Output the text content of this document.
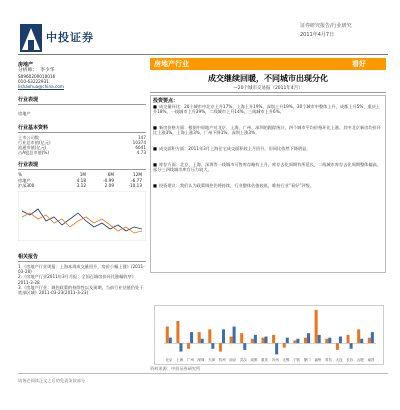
中投证券
证券研究报告/行业研究
2011年4月7日
房地产
分析师： 李少华
S0960200010016
010-63222931
lishaohua@china.com
行业表现
房地产
行业基本资料
上市公司数	147
行业总市值(亿元)	10374
流通市值(亿元)	6641
占A股总市值(%)	4.73
行业表现
%	1M	6M	12M
房地产	4.18	-0.99	-6.77
沪深300	3.12	2.09	-10.13
相关报告
1.《房地产行业周报：上海本周成交量回升，房价小幅上涨》(2011-03-28)
2.《房地产行业2011年3月月报：全国百城房价环比涨幅收窄》2011-3-28
3.《房地产行业：调控政策的持续性以及预期，当前行业估值仍处于底部区域》2011-03-23(2011-3-23)
房地产行业	看好
成交继续回暖，不同城市出现分化
—20个城市交易报（2011年4月）
投资要点：
■ 成交量环比：20个城市中北京上升17%、上海上升19%、深圳上升19%，30个城市中整体上升，成都上升5%、重庆上升18%，一线城市上升39%，二线城市上升14%，三线城市上升6%。
■ 新房价格方面：根据中原地产对北京、上海、广州、深圳的跟踪统计，四个城市平均价格环比上涨。其中北京新房均价环比上涨3%，上海上涨3%，广州下降1%，深圳上涨3%。
■ 成交面积方面：2011年3月上海住宅成交面积较上月回升，但同比依然下降明显。
■ 库存方面：北京、上海、深圳等一线城市可售库存略有上升，库存去化周期有所延长，二线城市库存去化周期整体偏高，部分三四线城市库存压力较大。
■ 投资建议：我们认为政策调控仍将持续，行业整体估值较低，维持行业“看好”评级。
北京 上海 广州 深圳 天津 杭州 南京 武汉 成都 重庆 苏州 无锡 宁波 厦门 福州 青岛 大连 长沙 合肥 南昌
资料来源：中投证券研究所
请务必阅读正文之后的免责条款部分
